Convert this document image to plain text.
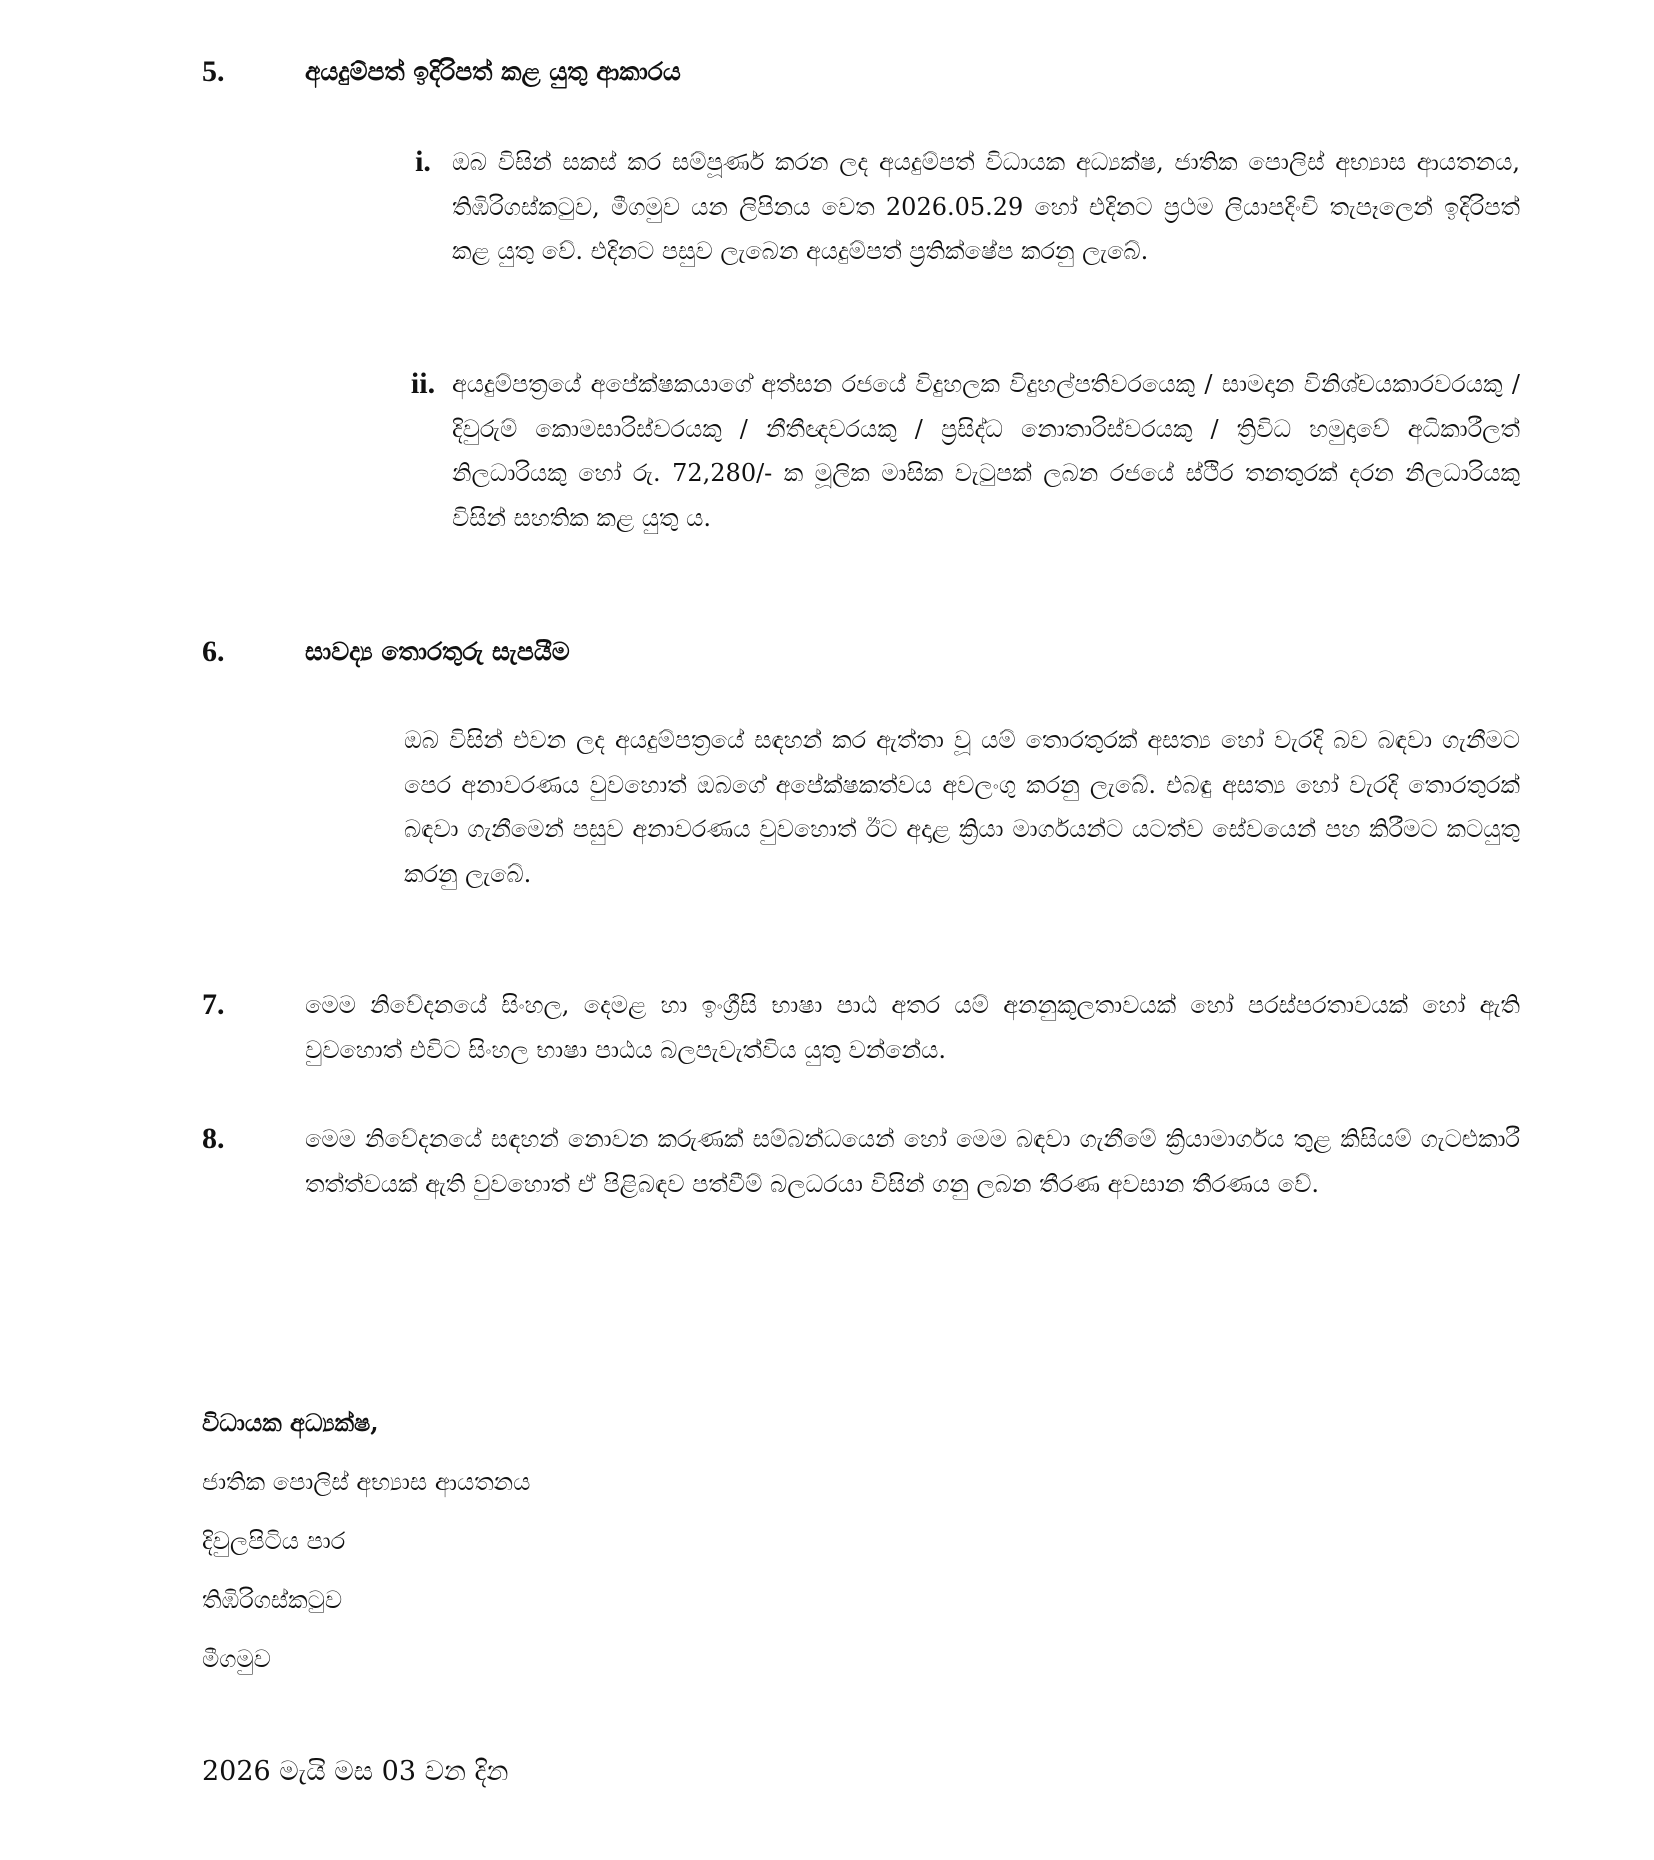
5.	අයදුම්පත් ඉදිරිපත් කළ යුතු ආකාරය
i. ඔබ විසින් සකස් කර සම්පූර්ණ කරන ලද අයදුම්පත් විධායක අධ්‍යක්ෂ, ජාතික පොලිස් අභ්‍යාස ආයතනය, තිඹිරිගස්කටුව, මීගමුව යන ලිපිනය වෙත 2026.05.29 හෝ එදිනට ප්‍රථම ලියාපදිංචි තැපෑලෙන් ඉදිරිපත් කළ යුතු වේ. එදිනට පසුව ලැබෙන අයදුම්පත් ප්‍රතික්ෂේප කරනු ලැබේ.

ii. අයදුම්පත්‍රයේ අපේක්ෂකයාගේ අත්සන රජයේ විදුහලක විදුහල්පතිවරයෙකු / සාමදාන විනිශ්චයකාරවරයකු / දිවුරුම් කොමසාරිස්වරයකු / නීතීඥවරයකු / ප්‍රසිද්ධ නොතාරිස්වරයකු / ත්‍රිවිධ හමුදාවේ අධිකාරීලත් නිලධාරියකු හෝ රු. 72,280/- ක මූලික මාසික වැටුපක් ලබන රජයේ ස්ථිර තනතුරක් දරන නිලධාරියකු විසින් සහතික කළ යුතු ය.

6.	සාවද්‍ය තොරතුරු සැපයීම

ඔබ විසින් එවන ලද අයදුම්පත්‍රයේ සඳහන් කර ඇත්තා වූ යම් තොරතුරක් අසත්‍ය හෝ වැරදි බව බඳවා ගැනීමට පෙර අනාවරණය වුවහොත් ඔබගේ අපේක්ෂකත්වය අවලංගු කරනු ලැබේ. එබඳු අසත්‍ය හෝ වැරදි තොරතුරක් බඳවා ගැනීමෙන් පසුව අනාවරණය වුවහොත් ඊට අදාළ ක්‍රියා මාර්ගයන්ට යටත්ව සේවයෙන් පහ කිරීමට කටයුතු කරනු ලැබේ.

7.	මෙම නිවේදනයේ සිංහල, දෙමළ හා ඉංග්‍රීසි භාෂා පාඨ අතර යම් අනනුකූලතාවයක් හෝ පරස්පරතාවයක් හෝ ඇති වුවහොත් එවිට සිංහල භාෂා පාඨය බලපැවැත්විය යුතු වන්නේය.

8.	මෙම නිවේදනයේ සඳහන් නොවන කරුණක් සම්බන්ධයෙන් හෝ මෙම බඳවා ගැනීමේ ක්‍රියාමාර්ගය තුළ කිසියම් ගැටළුකාරී තත්ත්වයක් ඇති වුවහොත් ඒ පිළිබඳව පත්වීම් බලධරයා විසින් ගනු ලබන තීරණ අවසාන තීරණය වේ.

විධායක අධ්‍යක්ෂ,
ජාතික පොලිස් අභ්‍යාස ආයතනය
දිවුලපිටිය පාර
තිඹිරිගස්කටුව
මීගමුව
2026 මැයි මස 03 වන දින
